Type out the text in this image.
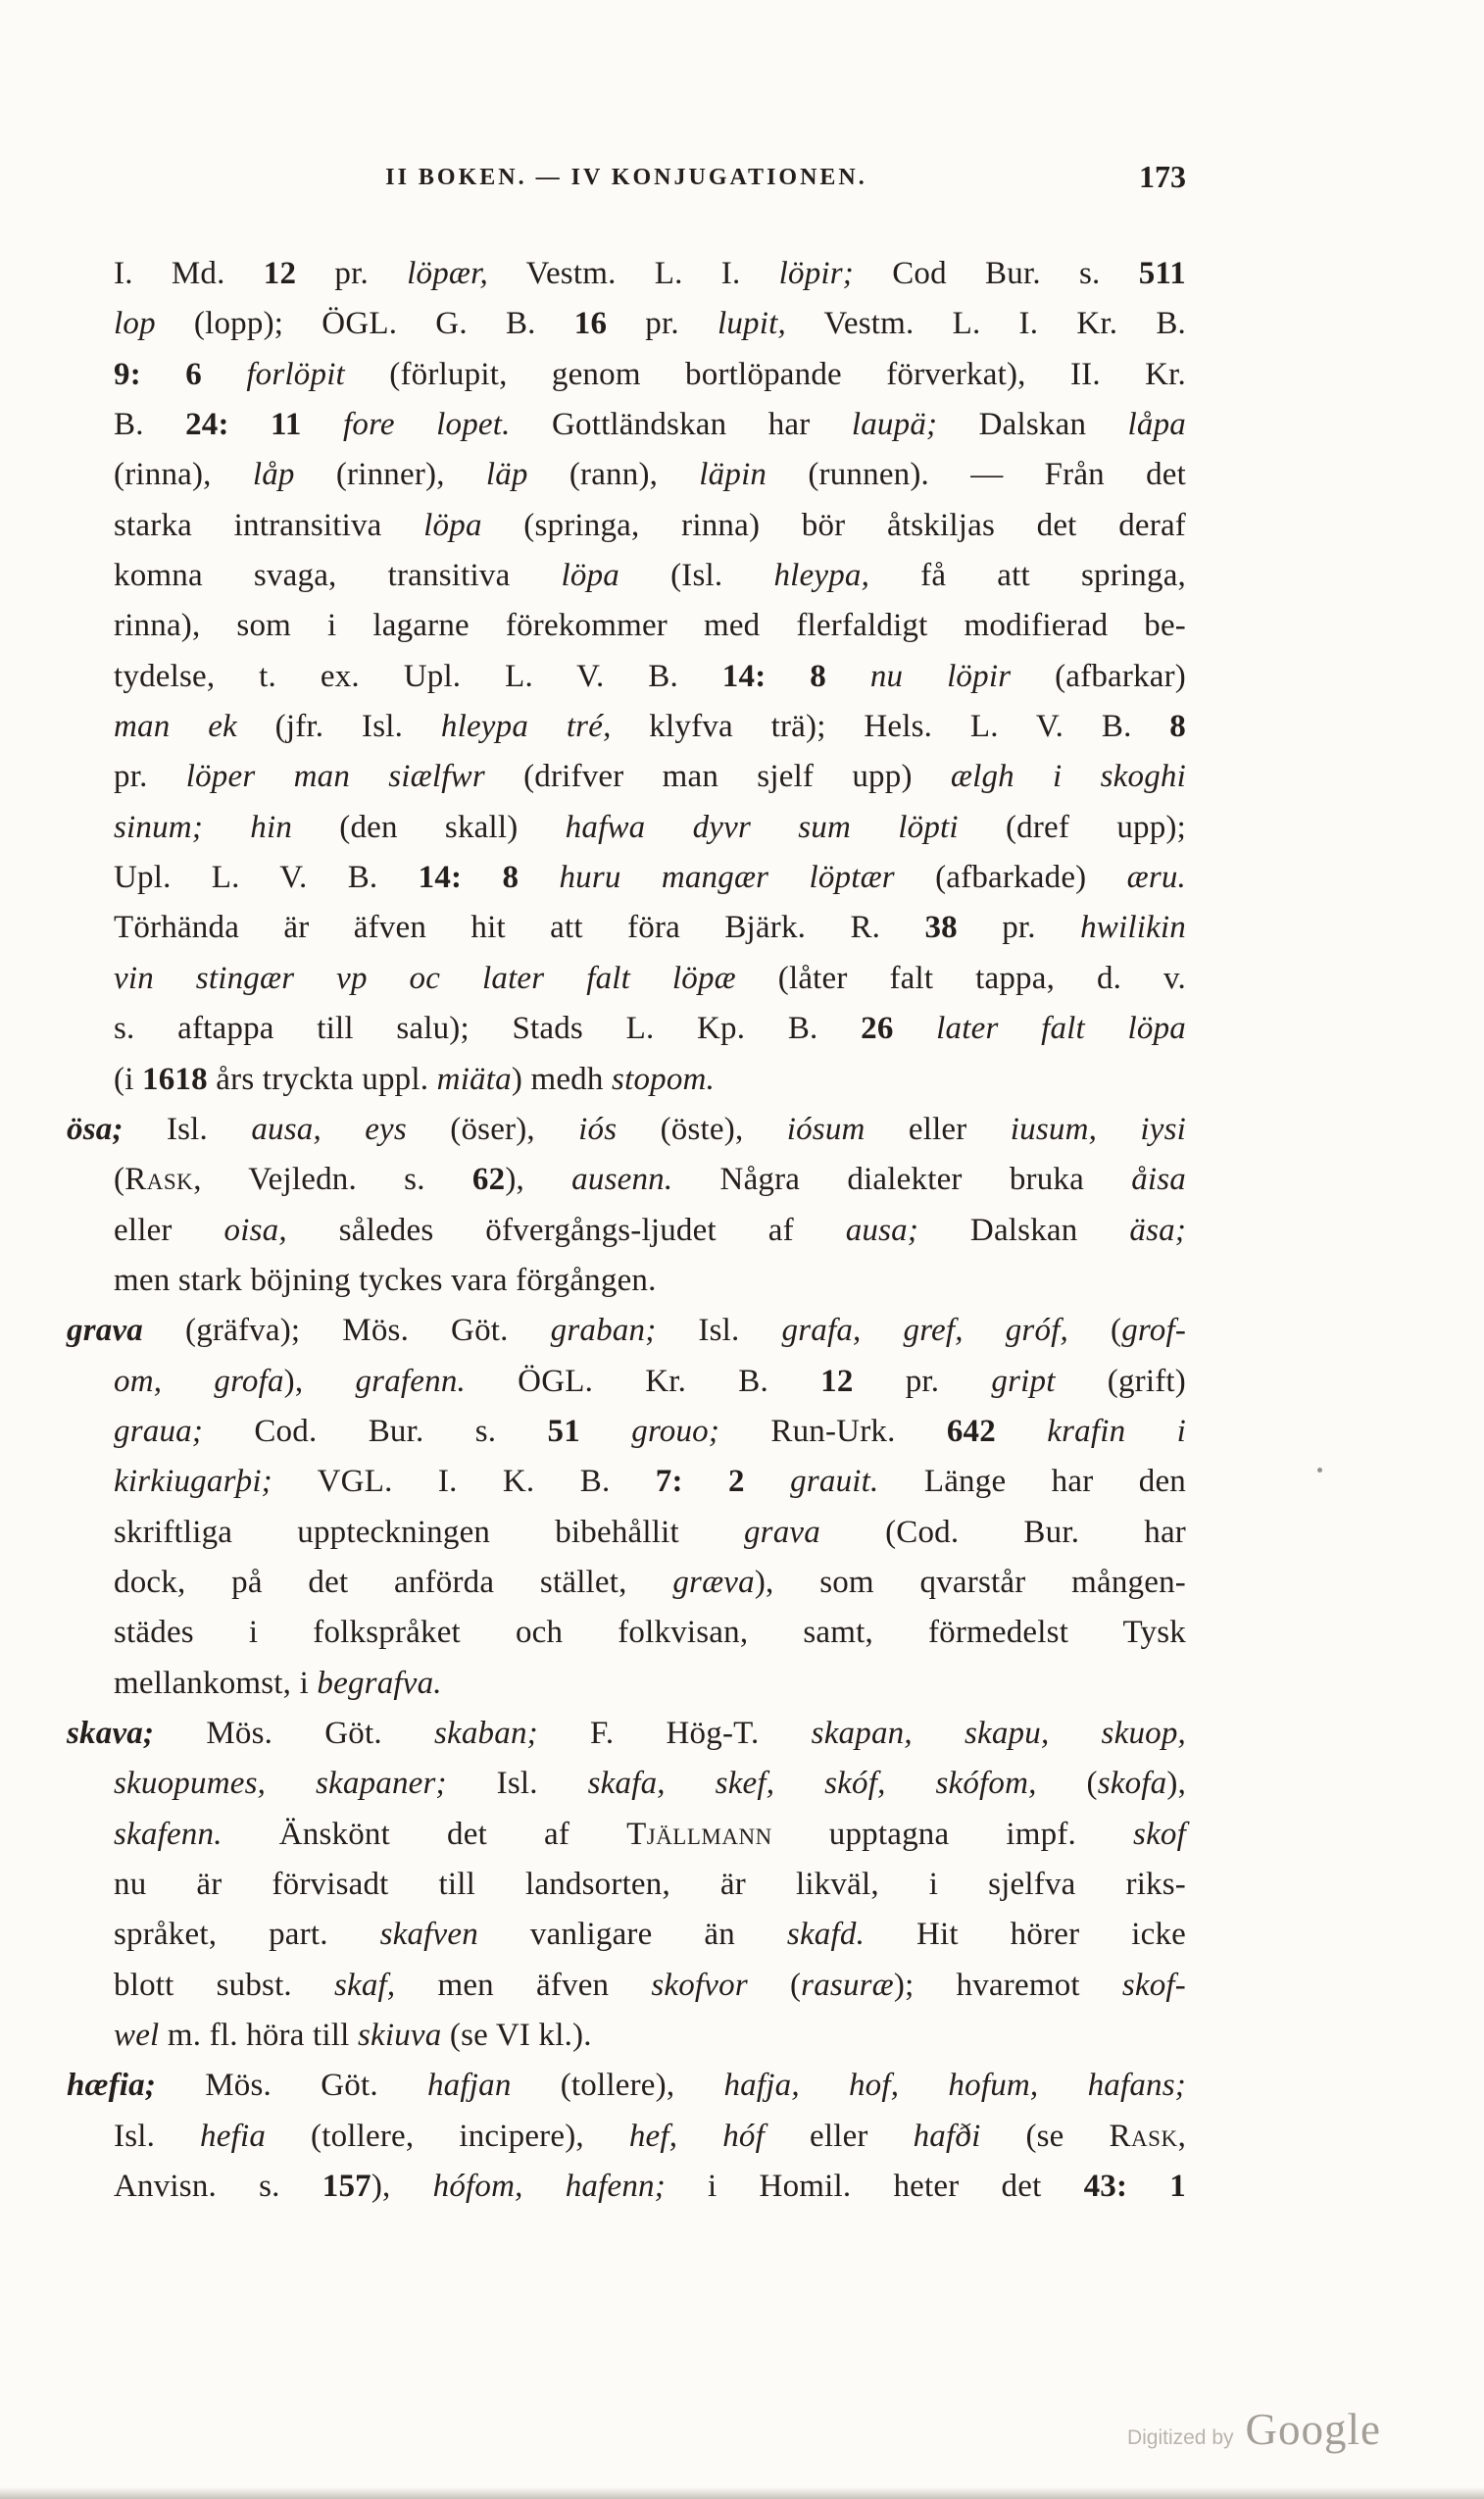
II BOKEN. — IV KONJUGATIONEN.	173
I. Md. 12 pr. löpær, Vestm. L. I. löpir; Cod Bur. s. 511
lop (lopp); ÖGL. G. B. 16 pr. lupit, Vestm. L. I. Kr. B.
9: 6 forlöpit (förlupit, genom bortlöpande förverkat), II. Kr.
B. 24: 11 fore lopet. Gottländskan har laupä; Dalskan låpa
(rinna), låp (rinner), läp (rann), läpin (runnen). — Från det
starka intransitiva löpa (springa, rinna) bör åtskiljas det deraf
komna svaga, transitiva löpa (Isl. hleypa, få att springa,
rinna), som i lagarne förekommer med flerfaldigt modifierad be-
tydelse, t. ex. Upl. L. V. B. 14: 8 nu löpir (afbarkar)
man ek (jfr. Isl. hleypa tré, klyfva trä); Hels. L. V. B. 8
pr. löper man siælfwr (drifver man sjelf upp) ælgh i skoghi
sinum; hin (den skall) hafwa dyvr sum löpti (dref upp);
Upl. L. V. B. 14: 8 huru mangær löptær (afbarkade) æru.
Törhända är äfven hit att föra Bjärk. R. 38 pr. hwilikin
vin stingær vp oc later falt löpæ (låter falt tappa, d. v.
s. aftappa till salu); Stads L. Kp. B. 26 later falt löpa
(i 1618 års tryckta uppl. miäta) medh stopom.
ösa; Isl. ausa, eys (öser), iós (öste), iósum eller iusum, iysi
(Rask, Vejledn. s. 62), ausenn. Några dialekter bruka åisa
eller oisa, således öfvergångs-ljudet af ausa; Dalskan äsa;
men stark böjning tyckes vara förgången.
grava (gräfva); Mös. Göt. graban; Isl. grafa, gref, gróf, (grof-
om, grofa), grafenn. ÖGL. Kr. B. 12 pr. gript (grift)
graua; Cod. Bur. s. 51 grouo; Run-Urk. 642 krafin i
kirkiugarþi; VGL. I. K. B. 7: 2 grauit. Länge har den
skriftliga uppteckningen bibehållit grava (Cod. Bur. har
dock, på det anförda stället, græva), som qvarstår mången-
städes i folkspråket och folkvisan, samt, förmedelst Tysk
mellankomst, i begrafva.
skava; Mös. Göt. skaban; F. Hög-T. skapan, skapu, skuop,
skuopumes, skapaner; Isl. skafa, skef, skóf, skófom, (skofa),
skafenn. Änskönt det af Tjällmann upptagna impf. skof
nu är förvisadt till landsorten, är likväl, i sjelfva riks-
språket, part. skafven vanligare än skafd. Hit hörer icke
blott subst. skaf, men äfven skofvor (rasuræ); hvaremot skof-
wel m. fl. höra till skiuva (se VI kl.).
hæfia; Mös. Göt. hafjan (tollere), hafja, hof, hofum, hafans;
Isl. hefia (tollere, incipere), hef, hóf eller hafði (se Rask,
Anvisn. s. 157), hófom, hafenn; i Homil. heter det 43: 1
Digitized by Google
